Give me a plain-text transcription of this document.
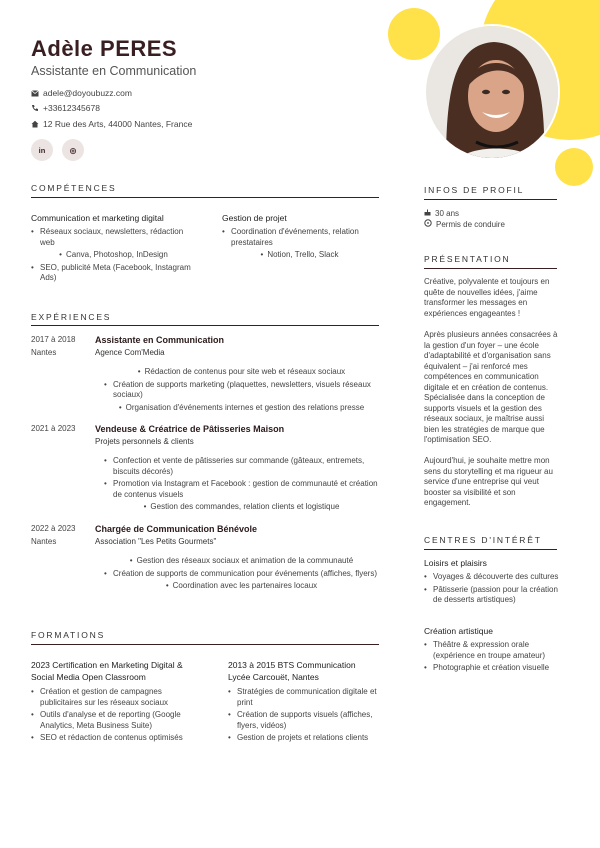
Adèle PERES
Assistante en Communication
adele@doyoubuzz.com
+33612345678
12 Rue des Arts, 44000 Nantes, France
in	◎
COMPÉTENCES
Communication et marketing digital
• Réseaux sociaux, newsletters, rédaction web
• Canva, Photoshop, InDesign
• SEO, publicité Meta (Facebook, Instagram Ads)
Gestion de projet
• Coordination d'événements, relation prestataires
• Notion, Trello, Slack
EXPÉRIENCES
2017 à 2018
Nantes
Assistante en Communication
Agence Com'Media
• Rédaction de contenus pour site web et réseaux sociaux
• Création de supports marketing (plaquettes, newsletters, visuels réseaux sociaux)
• Organisation d'événements internes et gestion des relations presse
2021 à 2023 Vendeuse & Créatrice de Pâtisseries Maison
Projets personnels & clients
• Confection et vente de pâtisseries sur commande (gâteaux, entremets, biscuits décorés)
• Promotion via Instagram et Facebook : gestion de communauté et création de contenus visuels
• Gestion des commandes, relation clients et logistique
2022 à 2023
Nantes
Chargée de Communication Bénévole
Association "Les Petits Gourmets"
• Gestion des réseaux sociaux et animation de la communauté
• Création de supports de communication pour événements (affiches, flyers)
• Coordination avec les partenaires locaux
FORMATIONS
2023 Certification en Marketing Digital & Social Media Open Classroom
• Création et gestion de campagnes publicitaires sur les réseaux sociaux
• Outils d'analyse et de reporting (Google Analytics, Meta Business Suite)
• SEO et rédaction de contenus optimisés
2013 à 2015 BTS Communication Lycée Carcouët, Nantes
• Stratégies de communication digitale et print
• Création de supports visuels (affiches, flyers, vidéos)
• Gestion de projets et relations clients
INFOS DE PROFIL
30 ans
Permis de conduire
PRÉSENTATION
Créative, polyvalente et toujours en quête de nouvelles idées, j'aime transformer les messages en expériences engageantes !
Après plusieurs années consacrées à la gestion d'un foyer – une école d'adaptabilité et d'organisation sans équivalent – j'ai renforcé mes compétences en communication digitale et en création de contenus. Spécialisée dans la conception de supports visuels et la gestion des réseaux sociaux, je maîtrise aussi bien les stratégies de marque que l'optimisation SEO.
Aujourd'hui, je souhaite mettre mon sens du storytelling et ma rigueur au service d'une entreprise qui veut booster sa visibilité et son engagement.
CENTRES D'INTÉRÊT
Loisirs et plaisirs
• Voyages & découverte des cultures
• Pâtisserie (passion pour la création de desserts artistiques)
Création artistique
• Théâtre & expression orale (expérience en troupe amateur)
• Photographie et création visuelle
